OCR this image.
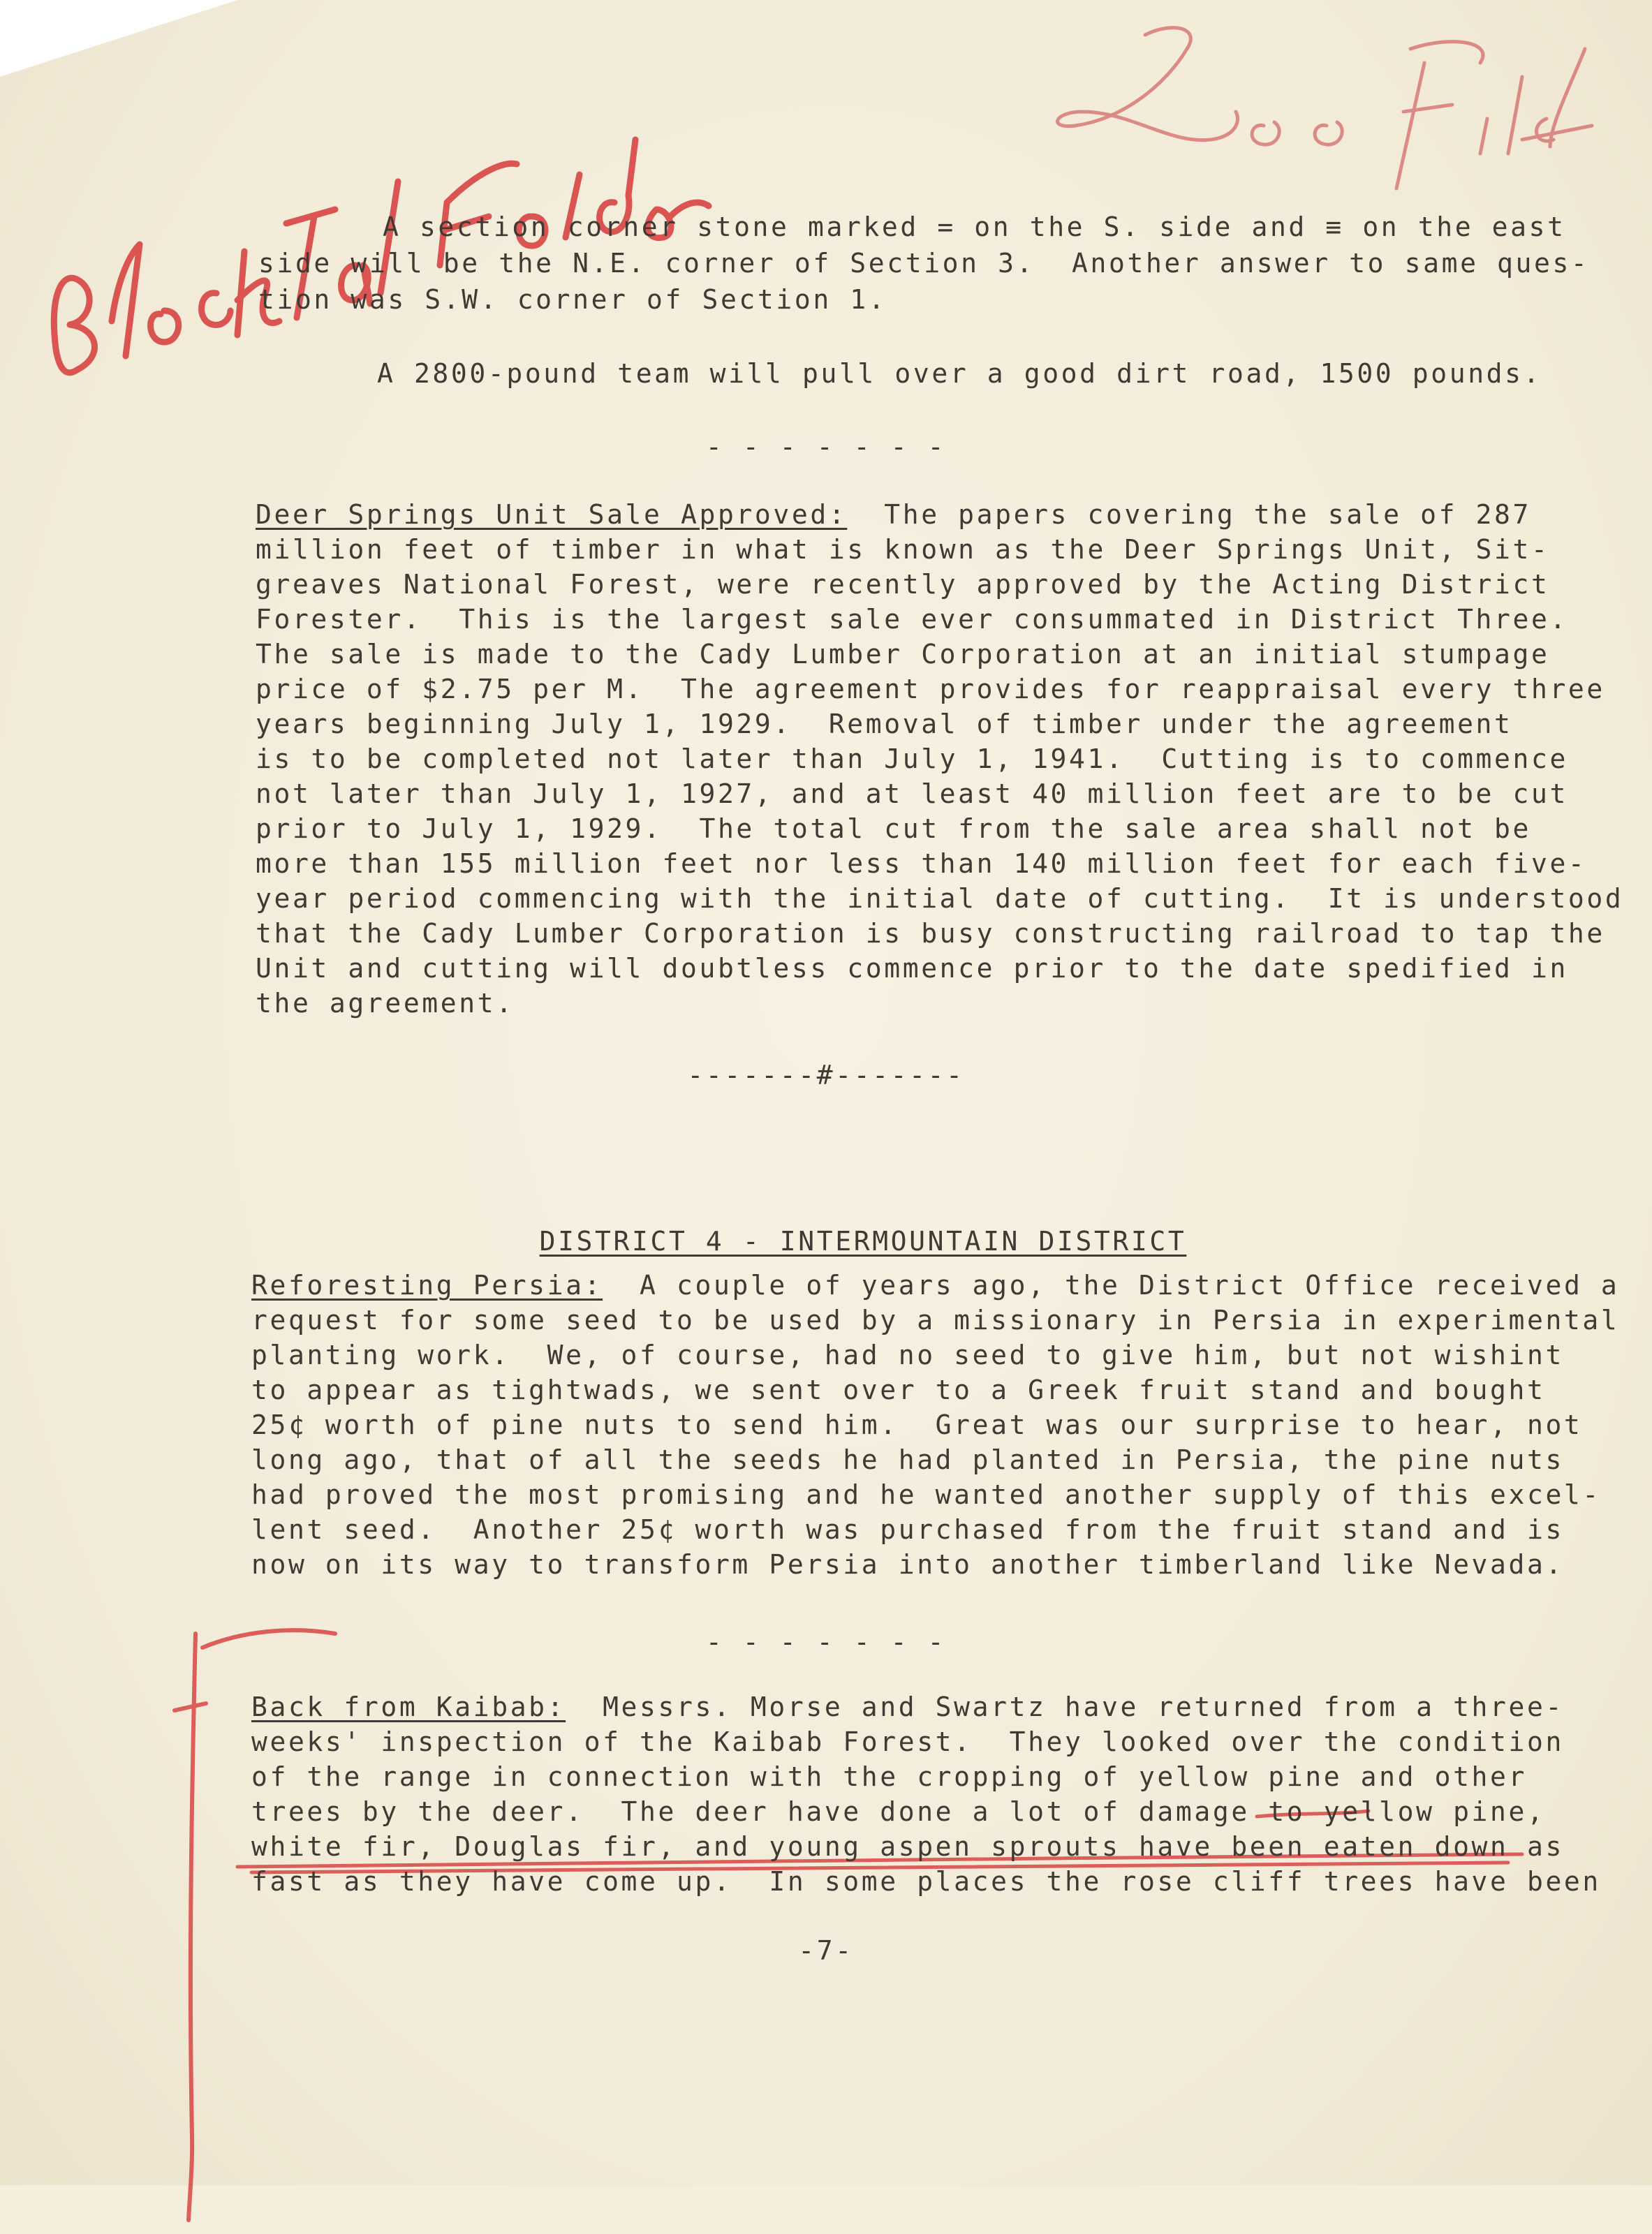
A section corner stone marked = on the S. side and ≡ on the east
side will be the N.E. corner of Section 3.  Another answer to same ques-
tion was S.W. corner of Section 1.
A 2800-pound team will pull over a good dirt road, 1500 pounds.
- - - - - - -
Deer Springs Unit Sale Approved:  The papers covering the sale of 287
million feet of timber in what is known as the Deer Springs Unit, Sit-
greaves National Forest, were recently approved by the Acting District
Forester.  This is the largest sale ever consummated in District Three.
The sale is made to the Cady Lumber Corporation at an initial stumpage
price of $2.75 per M.  The agreement provides for reappraisal every three
years beginning July 1, 1929.  Removal of timber under the agreement
is to be completed not later than July 1, 1941.  Cutting is to commence
not later than July 1, 1927, and at least 40 million feet are to be cut
prior to July 1, 1929.  The total cut from the sale area shall not be
more than 155 million feet nor less than 140 million feet for each five-
year period commencing with the initial date of cutting.  It is understood
that the Cady Lumber Corporation is busy constructing railroad to tap the
Unit and cutting will doubtless commence prior to the date spedified in
the agreement.
-------#-------

DISTRICT 4 - INTERMOUNTAIN DISTRICT

Reforesting Persia:  A couple of years ago, the District Office received a
request for some seed to be used by a missionary in Persia in experimental
planting work.  We, of course, had no seed to give him, but not wishint
to appear as tightwads, we sent over to a Greek fruit stand and bought
25¢ worth of pine nuts to send him.  Great was our surprise to hear, not
long ago, that of all the seeds he had planted in Persia, the pine nuts
had proved the most promising and he wanted another supply of this excel-
lent seed.  Another 25¢ worth was purchased from the fruit stand and is
now on its way to transform Persia into another timberland like Nevada.
- - - - - - -
Back from Kaibab:  Messrs. Morse and Swartz have returned from a three-
weeks' inspection of the Kaibab Forest.  They looked over the condition
of the range in connection with the cropping of yellow pine and other
trees by the deer.  The deer have done a lot of damage to yellow pine,
white fir, Douglas fir, and young aspen sprouts have been eaten down as
fast as they have come up.  In some places the rose cliff trees have been
-7-
